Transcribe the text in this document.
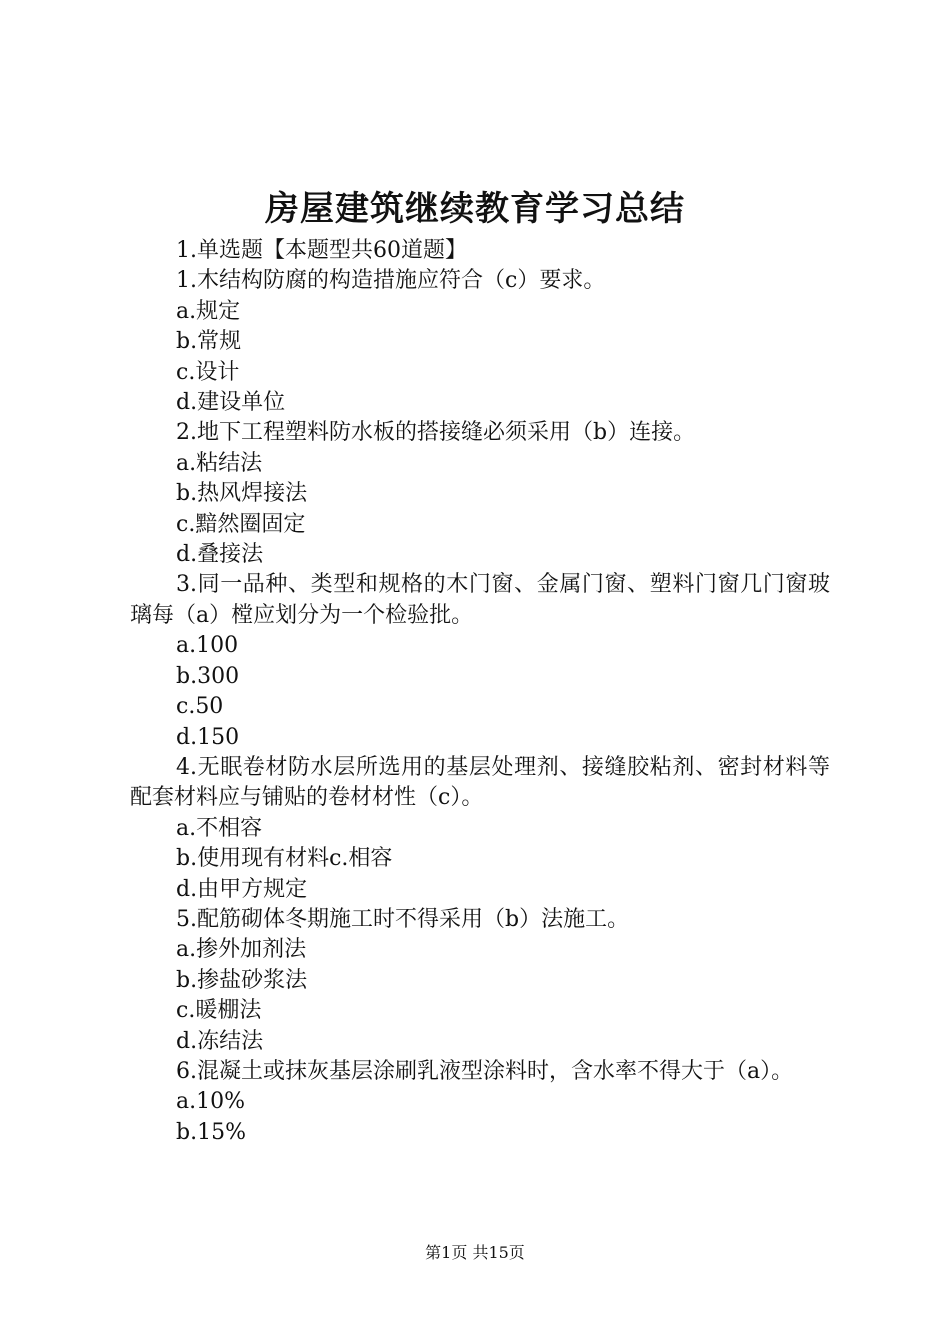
房屋建筑继续教育学习总结

1.单选题【本题型共60道题】

1.木结构防腐的构造措施应符合（c）要求。

a.规定

b.常规

c.设计

d.建设单位

2.地下工程塑料防水板的搭接缝必须采用（b）连接。

a.粘结法

b.热风焊接法

c.黯然圈固定

d.叠接法

3.同一品种、类型和规格的木门窗、金属门窗、塑料门窗几门窗玻璃每（a）樘应划分为一个检验批。

a.100

b.300

c.50

d.150

4.无眠卷材防水层所选用的基层处理剂、接缝胶粘剂、密封材料等配套材料应与铺贴的卷材材性（c）。

a.不相容

b.使用现有材料c.相容

d.由甲方规定

5.配筋砌体冬期施工时不得采用（b）法施工。

a.掺外加剂法

b.掺盐砂浆法

c.暖棚法

d.冻结法

6.混凝土或抹灰基层涂刷乳液型涂料时，含水率不得大于（a）。

a.10%

b.15%

第1页 共15页
